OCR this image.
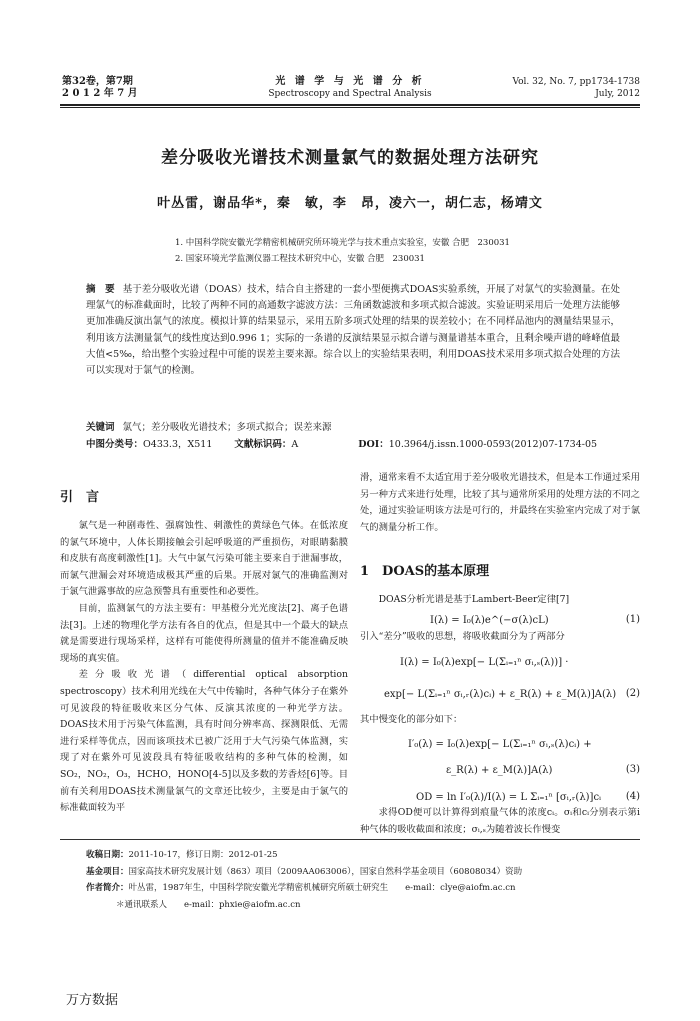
第32卷，第7期
2 0 1 2 年 7 月
光 谱 学 与 光 谱 分 析
Spectroscopy and Spectral Analysis
Vol. 32, No. 7, pp1734-1738
July, 2012
差分吸收光谱技术测量氯气的数据处理方法研究
叶丛雷，谢品华*，秦　敏，李　昂，凌六一，胡仁志，杨靖文
1. 中国科学院安徽光学精密机械研究所环境光学与技术重点实验室，安徽 合肥　230031
2. 国家环境光学监测仪器工程技术研究中心，安徽 合肥　230031
摘　要 基于差分吸收光谱（DOAS）技术，结合自主搭建的一套小型便携式DOAS实验系统，开展了对氯气的实验测量。在处理氯气的标准截面时，比较了两种不同的高通数字滤波方法：三角函数滤波和多项式拟合滤波。实验证明采用后一处理方法能够更加准确反演出氯气的浓度。模拟计算的结果显示，采用五阶多项式处理的结果的误差较小；在不同样品池内的测量结果显示，利用该方法测量氯气的线性度达到0.996 1；实际的一条谱的反演结果显示拟合谱与测量谱基本重合，且剩余噪声谱的峰峰值最大值<5‰，给出整个实验过程中可能的误差主要来源。综合以上的实验结果表明，利用DOAS技术采用多项式拟合处理的方法可以实现对于氯气的检测。
关键词 氯气；差分吸收光谱技术；多项式拟合；误差来源
中图分类号：O433.3，X511 文献标识码：A	DOI：10.3964/j.issn.1000-0593(2012)07-1734-05
引　言

氯气是一种剧毒性、强腐蚀性、刺激性的黄绿色气体。在低浓度的氯气环境中，人体长期接触会引起呼吸道的严重损伤，对眼睛黏膜和皮肤有高度刺激性[1]。大气中氯气污染可能主要来自于泄漏事故，而氯气泄漏会对环境造成极其严重的后果。开展对氯气的准确监测对于氯气泄露事故的应急预警具有重要性和必要性。

目前，监测氯气的方法主要有：甲基橙分光光度法[2]、离子色谱法[3]。上述的物理化学方法有各自的优点，但是其中一个最大的缺点就是需要进行现场采样，这样有可能使得所测量的值并不能准确反映现场的真实值。

差分吸收光谱（differential optical absorption spectroscopy）技术利用光线在大气中传输时，各种气体分子在紫外可见波段的特征吸收来区分气体、反演其浓度的一种光学方法。DOAS技术用于污染气体监测，具有时间分辨率高、探测限低、无需进行采样等优点，因而该项技术已被广泛用于大气污染气体监测，实现了对在紫外可见波段具有特征吸收结构的多种气体的检测，如 SO₂，NO₂，O₃，HCHO，HONO[4-5]以及多数的芳香烃[6]等。目前有关利用DOAS技术测量氯气的文章还比较少，主要是由于氯气的标准截面较为平

滑，通常来看不太适宜用于差分吸收光谱技术，但是本工作通过采用另一种方式来进行处理，比较了其与通常所采用的处理方法的不同之处，通过实验证明该方法是可行的，并最终在实验室内完成了对于氯气的测量分析工作。

1　DOAS的基本原理

DOAS分析光谱是基于Lambert-Beer定律[7]

I(λ) = I₀(λ)e^(−σ(λ)cL)	(1)

引入“差分”吸收的思想，将吸收截面分为了两部分

I(λ) = I₀(λ)exp[− L(Σᵢ₌₁ⁿ σᵢ,ₛ(λ))] ·
exp[− L(Σᵢ₌₁ⁿ σᵢ,ᵣ(λ)cᵢ) + ε_R(λ) + ε_M(λ)]A(λ) (2)

其中慢变化的部分如下：

I′₀(λ) = I₀(λ)exp[− L(Σᵢ₌₁ⁿ σᵢ,ₛ(λ)cᵢ) +
ε_R(λ) + ε_M(λ)]A(λ)	(3)
OD = ln I′₀(λ)/I(λ) = L Σᵢ₌₁ⁿ [σᵢ,ᵣ(λ)]cᵢ (4)

求得OD便可以计算得到痕量气体的浓度cᵢ。σᵢ和cᵢ分别表示第i种气体的吸收截面和浓度；σᵢ,ₛ为随着波长作慢变

收稿日期：2011-10-17，修订日期：2012-01-25
基金项目：国家高技术研究发展计划（863）项目（2009AA063006），国家自然科学基金项目（60808034）资助
作者简介：叶丛雷，1987年生，中国科学院安徽光学精密机械研究所硕士研究生　　e-mail：clye@aiofm.ac.cn
＊通讯联系人　　e-mail：phxie@aiofm.ac.cn
万方数据
